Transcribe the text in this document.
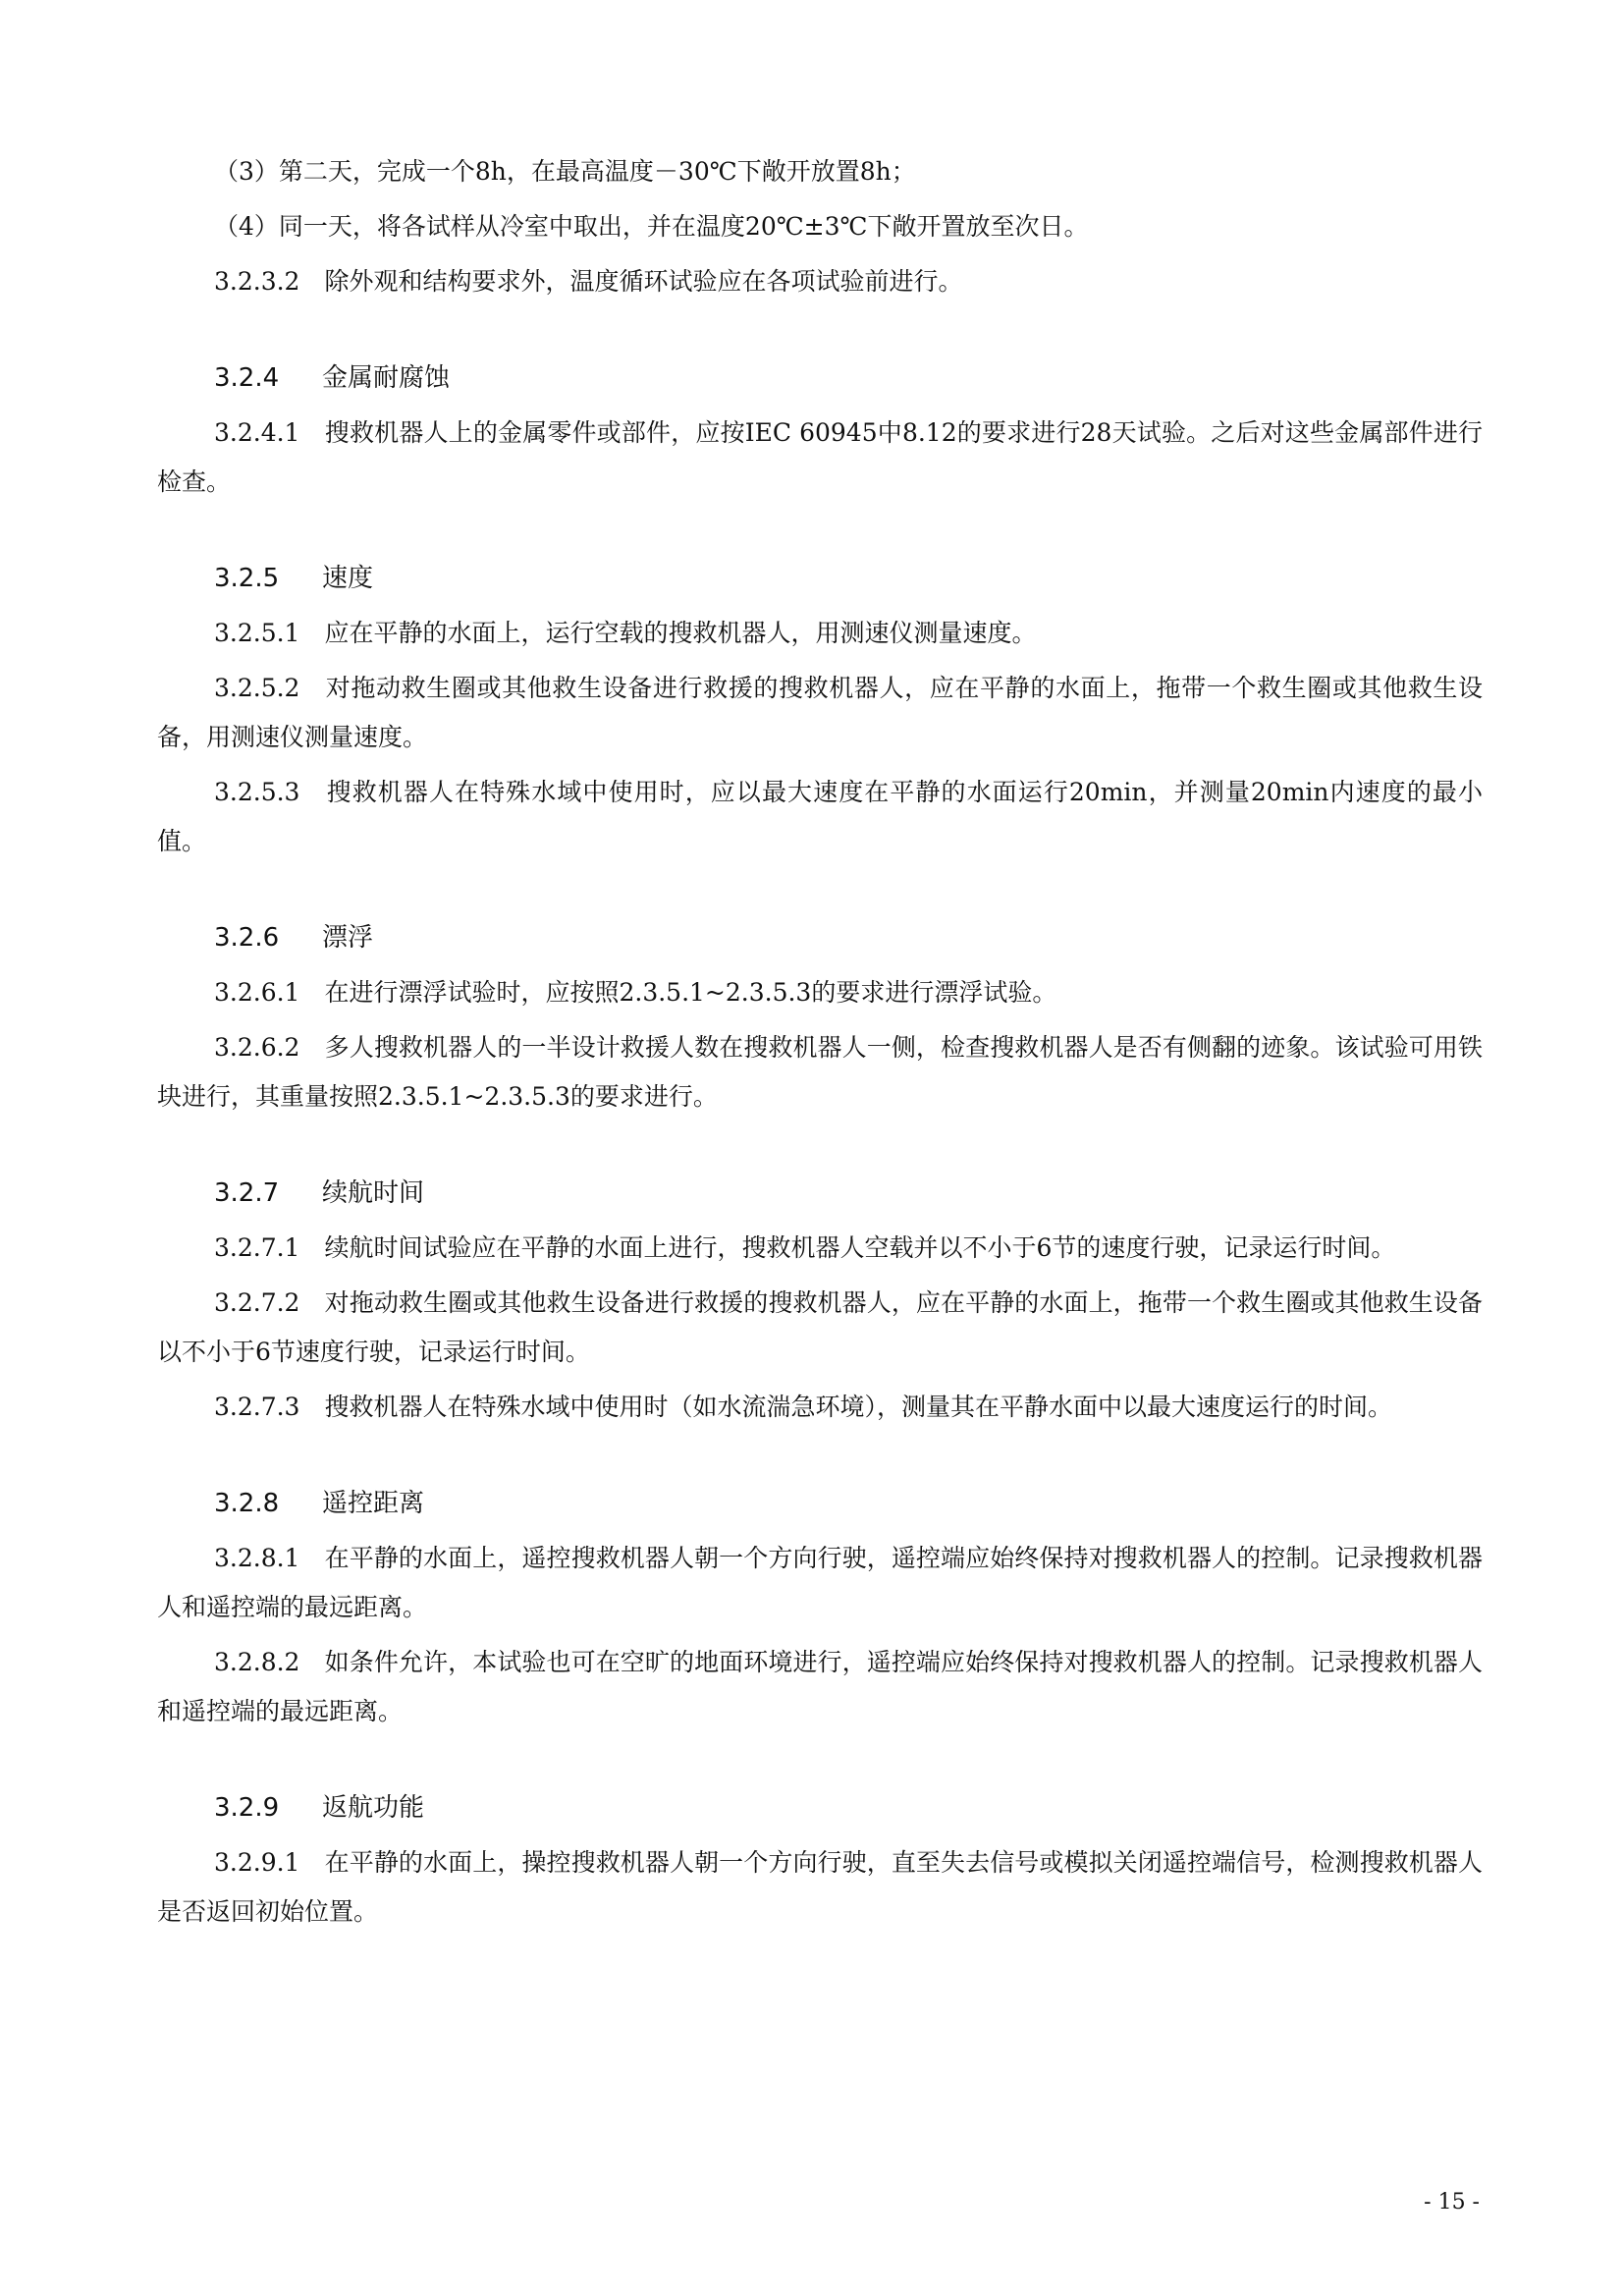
（3）第二天，完成一个8h，在最高温度－30℃下敞开放置8h；

（4）同一天，将各试样从冷室中取出，并在温度20℃±3℃下敞开置放至次日。

3.2.3.2　除外观和结构要求外，温度循环试验应在各项试验前进行。

3.2.4 金属耐腐蚀

3.2.4.1　搜救机器人上的金属零件或部件，应按IEC 60945中8.12的要求进行28天试验。之后对这些金属部件进行检查。

3.2.5 速度

3.2.5.1　应在平静的水面上，运行空载的搜救机器人，用测速仪测量速度。

3.2.5.2　对拖动救生圈或其他救生设备进行救援的搜救机器人，应在平静的水面上，拖带一个救生圈或其他救生设备，用测速仪测量速度。

3.2.5.3　搜救机器人在特殊水域中使用时，应以最大速度在平静的水面运行20min，并测量20min内速度的最小值。

3.2.6 漂浮

3.2.6.1　在进行漂浮试验时，应按照2.3.5.1~2.3.5.3的要求进行漂浮试验。

3.2.6.2　多人搜救机器人的一半设计救援人数在搜救机器人一侧，检查搜救机器人是否有侧翻的迹象。该试验可用铁块进行，其重量按照2.3.5.1~2.3.5.3的要求进行。

3.2.7 续航时间

3.2.7.1　续航时间试验应在平静的水面上进行，搜救机器人空载并以不小于6节的速度行驶，记录运行时间。

3.2.7.2　对拖动救生圈或其他救生设备进行救援的搜救机器人，应在平静的水面上，拖带一个救生圈或其他救生设备以不小于6节速度行驶，记录运行时间。

3.2.7.3　搜救机器人在特殊水域中使用时（如水流湍急环境），测量其在平静水面中以最大速度运行的时间。

3.2.8 遥控距离

3.2.8.1　在平静的水面上，遥控搜救机器人朝一个方向行驶，遥控端应始终保持对搜救机器人的控制。记录搜救机器人和遥控端的最远距离。

3.2.8.2　如条件允许，本试验也可在空旷的地面环境进行，遥控端应始终保持对搜救机器人的控制。记录搜救机器人和遥控端的最远距离。

3.2.9 返航功能

3.2.9.1　在平静的水面上，操控搜救机器人朝一个方向行驶，直至失去信号或模拟关闭遥控端信号，检测搜救机器人是否返回初始位置。

- 15 -
